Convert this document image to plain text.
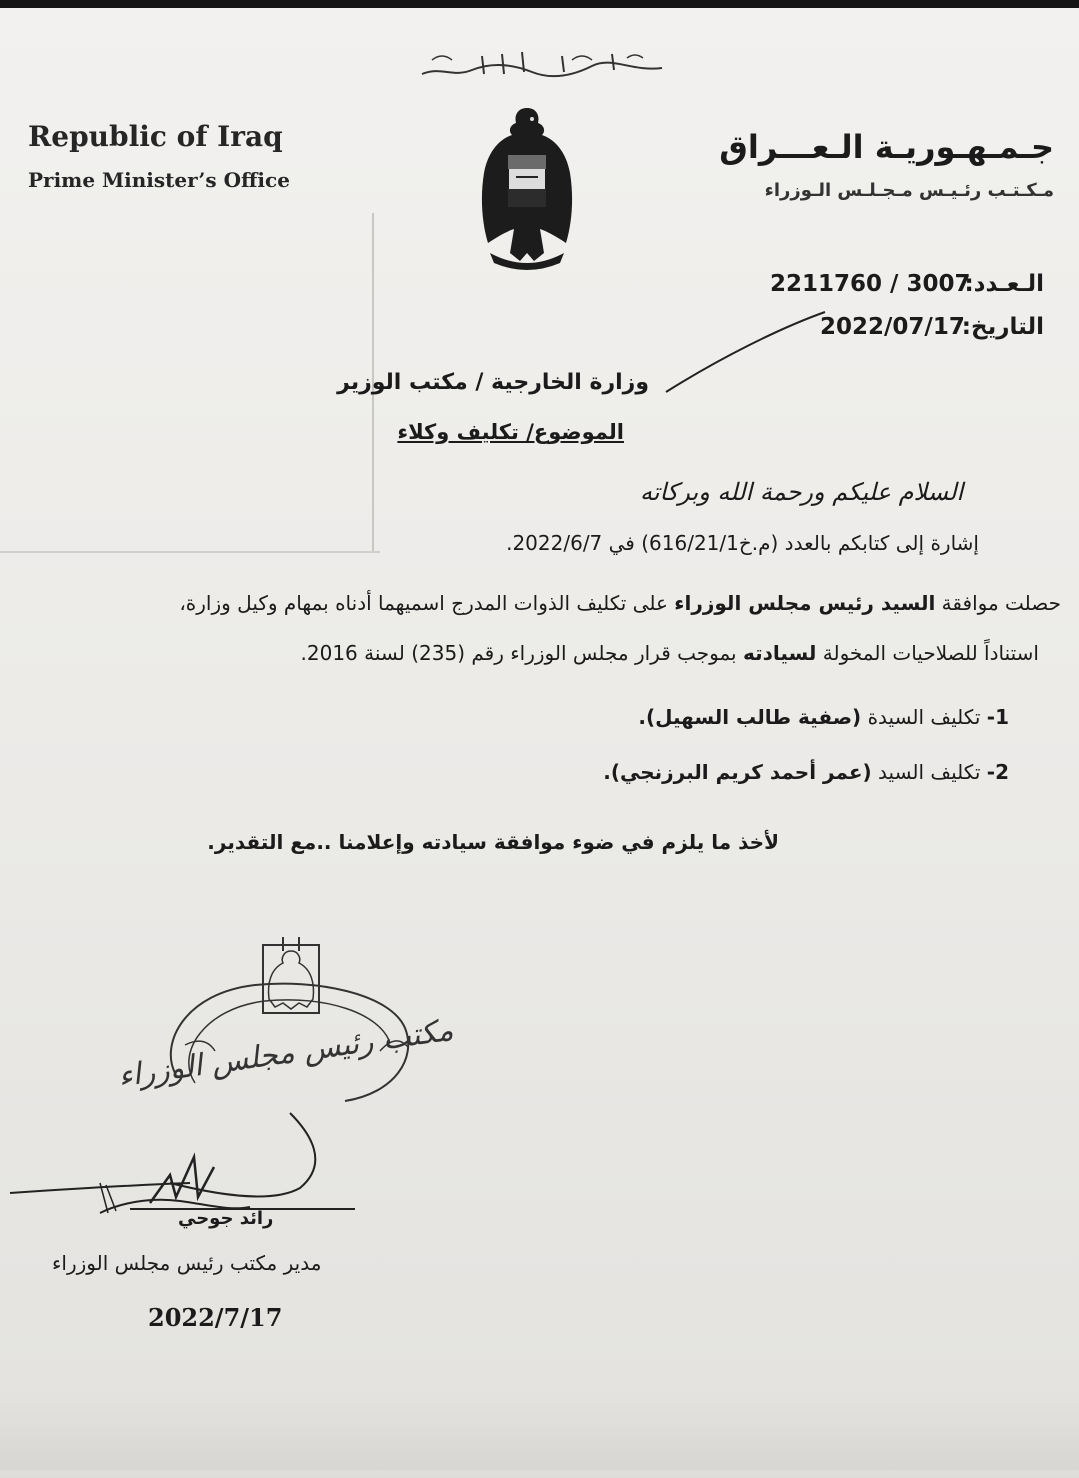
Republic of Iraq
Prime Minister’s Office
جـمـهـوريـة الـعـــراق
مـكـتـب رئـيـس مـجـلـس الـوزراء
الـعـدد:
2211760 / 3007
التاريخ:
2022/07/17
وزارة الخارجية / مكتب الوزير
الموضوع/ تكليف وكلاء
السلام عليكم ورحمة الله وبركاته
إشارة إلى كتابكم بالعدد (م.خ616/21/1) في 2022/6/7.
حصلت موافقة السيد رئيس مجلس الوزراء على تكليف الذوات المدرج اسميهما أدناه بمهام وكيل وزارة،
استناداً للصلاحيات المخولة لسيادته بموجب قرار مجلس الوزراء رقم (235) لسنة 2016.
1- تكليف السيدة (صفية طالب السهيل).
2- تكليف السيد (عمر أحمد كريم البرزنجي).
لأخذ ما يلزم في ضوء موافقة سيادته وإعلامنا ..مع التقدير.
مكتب رئيس مجلس الوزراء
رائد جوحي
مدير مكتب رئيس مجلس الوزراء
2022/7/17
